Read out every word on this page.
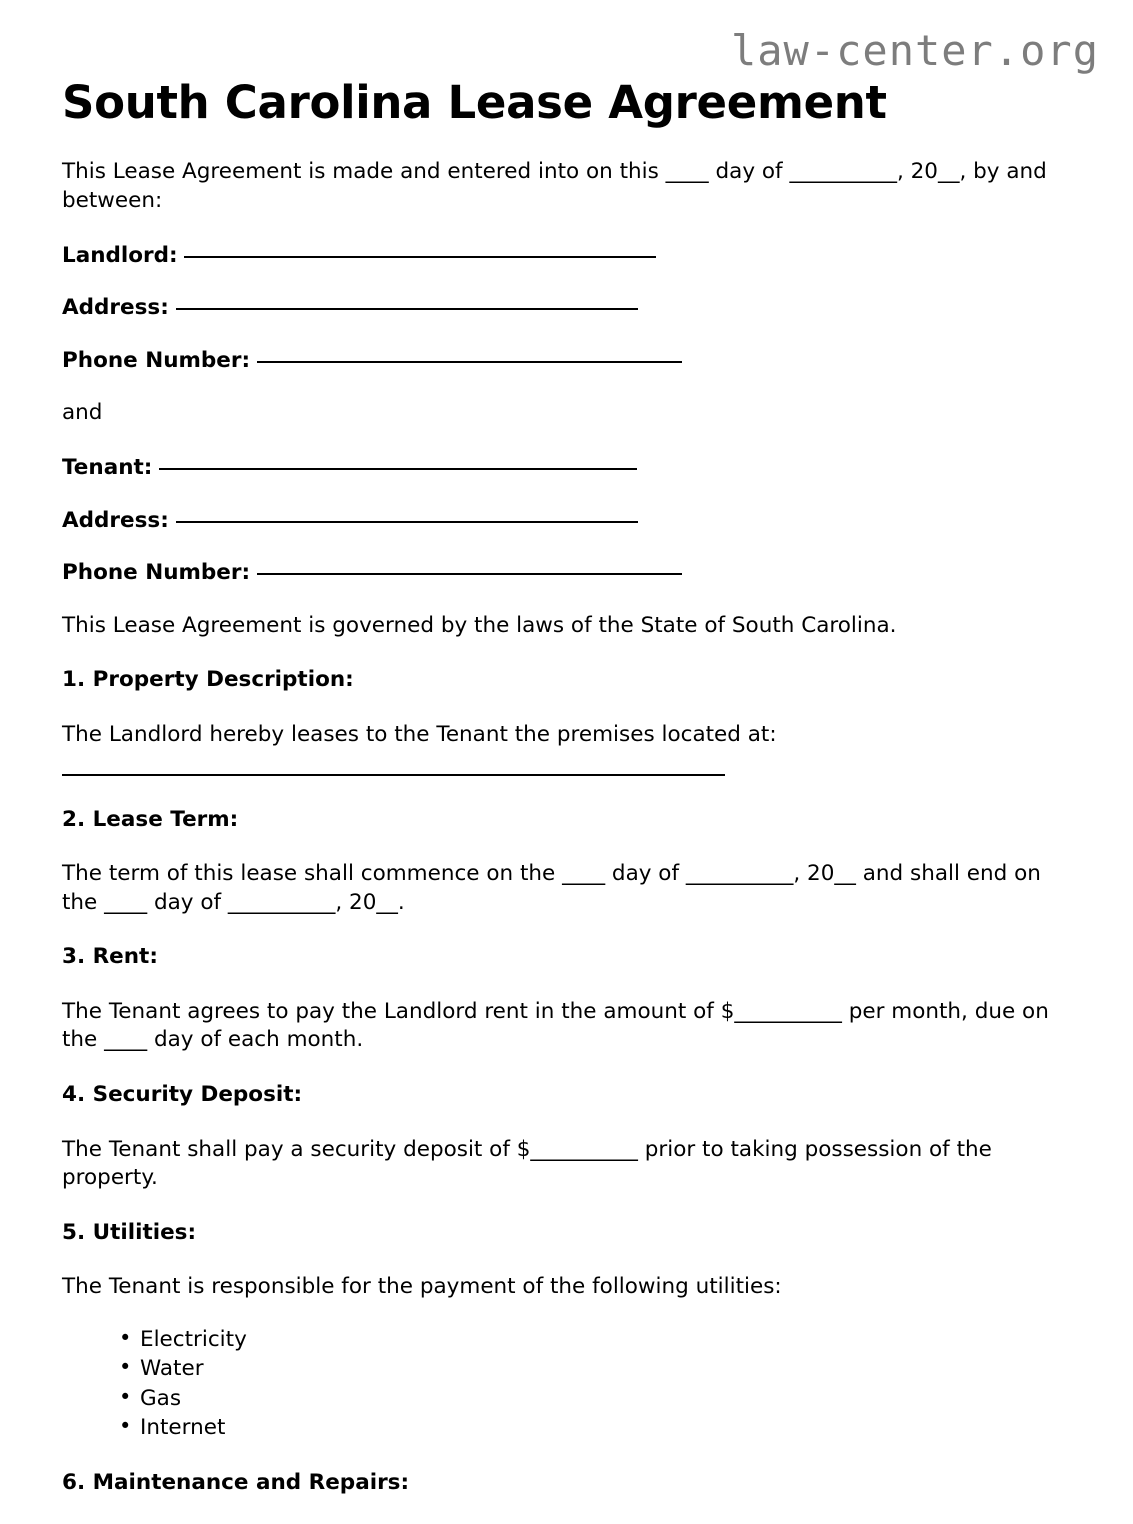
law-center.org
South Carolina Lease Agreement

This Lease Agreement is made and entered into on this ____ day of __________, 20__, by and between:

Landlord:
Address:
Phone Number:

and

Tenant:
Address:
Phone Number:

This Lease Agreement is governed by the laws of the State of South Carolina.

1. Property Description:

The Landlord hereby leases to the Tenant the premises located at:

2. Lease Term:

The term of this lease shall commence on the ____ day of __________, 20__ and shall end on the ____ day of __________, 20__.

3. Rent:

The Tenant agrees to pay the Landlord rent in the amount of $__________ per month, due on the ____ day of each month.

4. Security Deposit:

The Tenant shall pay a security deposit of $__________ prior to taking possession of the property.

5. Utilities:

The Tenant is responsible for the payment of the following utilities:

• Electricity
• Water
• Gas
• Internet
6. Maintenance and Repairs:
